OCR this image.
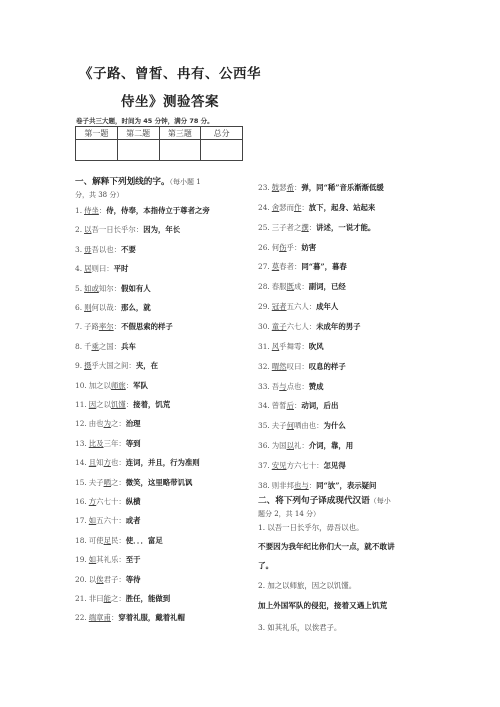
《子路、曾皙、冉有、公西华
侍坐》测验答案
卷子共三大题，时间为 45 分钟，满分 78 分。
第一题	第二题	第三题	总分

一、解释下列划线的字。（每小题 1
分，共 38 分）
1. 侍坐：侍，侍奉，本指侍立于尊者之旁
2. 以吾一日长乎尔：因为，年长
3. 毋吾以也：不要
4. 居则曰：平时
5. 如或知尔：假如有人
6. 则何以哉：那么，就
7. 子路率尔：不假思索的样子
8. 千乘之国：兵车
9. 摄乎大国之间：夹，在
10. 加之以师旅：军队
11. 因之以饥馑：接着，饥荒
12. 由也为之：治理
13. 比及三年：等到
14. 且知方也：连词，并且，行为准则
15. 夫子哂之：微笑，这里略带讥讽
16. 方六七十：纵横
17. 如五六十：或者
18. 可使足民：使．．．富足
19. 如其礼乐：至于
20. 以俟君子：等待
21. 非曰能之：胜任，能做到
22. 端章甫：穿着礼服，戴着礼帽
23. 鼓瑟希：弹，同“稀”音乐渐渐低缓
24. 舍瑟而作：放下，起身、站起来
25. 三子者之撰：讲述，一说才能。
26. 何伤乎：妨害
27. 莫春者：同“暮”，暮春
28. 春服既成：副词，已经
29. 冠者五六人：成年人
30. 童子六七人：未成年的男子
31. 风乎舞雩：吹风
32. 喟然叹曰：叹息的样子
33. 吾与点也：赞成
34. 曾皙后：动词，后出
35. 夫子何哂由也：为什么
36. 为国以礼：介词，靠，用
37. 安见方六七十：怎见得
38. 则非邦也与：同“欤”，表示疑问
二、将下列句子译成现代汉语（每小
题分 2，共 14 分）
1. 以吾一日长乎尔，毋吾以也。
不要因为我年纪比你们大一点，就不敢讲
了。
2. 加之以师旅，因之以饥馑。
加上外国军队的侵犯，接着又遇上饥荒
3. 如其礼乐，以俟君子。
